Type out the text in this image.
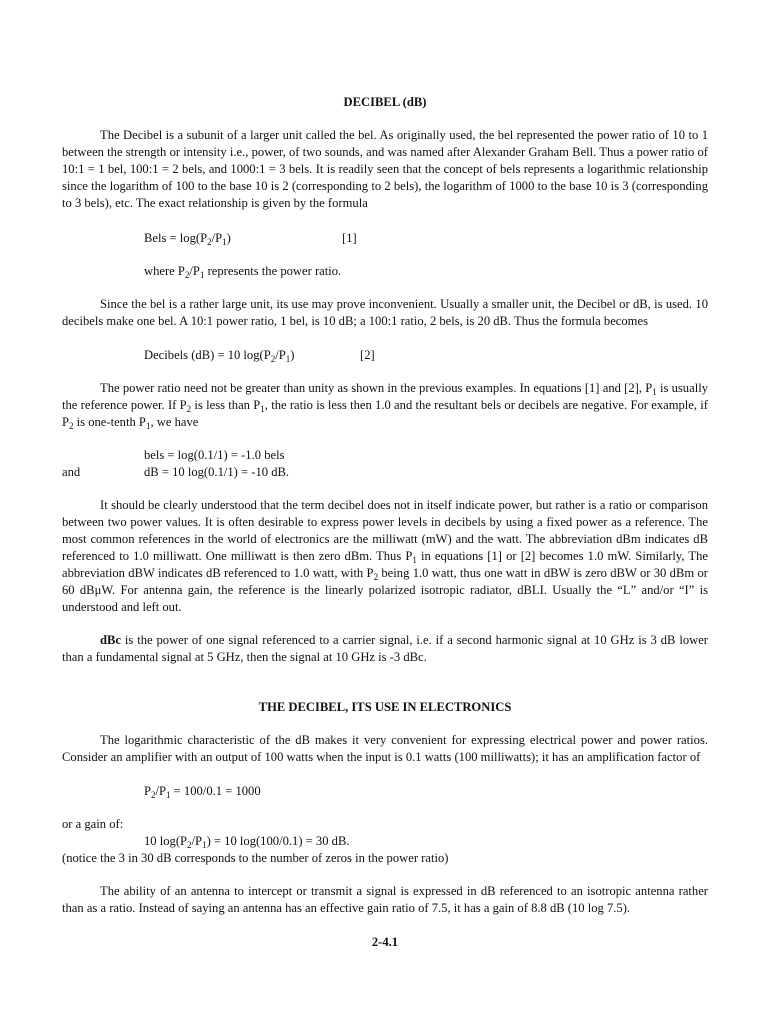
DECIBEL (dB)

The Decibel is a subunit of a larger unit called the bel. As originally used, the bel represented the power ratio of 10 to 1 between the strength or intensity i.e., power, of two sounds, and was named after Alexander Graham Bell. Thus a power ratio of 10:1 = 1 bel, 100:1 = 2 bels, and 1000:1 = 3 bels. It is readily seen that the concept of bels represents a logarithmic relationship since the logarithm of 100 to the base 10 is 2 (corresponding to 2 bels), the logarithm of 1000 to the base 10 is 3 (corresponding to 3 bels), etc. The exact relationship is given by the formula

Bels = $\log(P_2/P_1)$	[1]

where $P_2/P_1$ represents the power ratio.

Since the bel is a rather large unit, its use may prove inconvenient. Usually a smaller unit, the Decibel or dB, is used. 10 decibels make one bel. A 10:1 power ratio, 1 bel, is 10 dB; a 100:1 ratio, 2 bels, is 20 dB. Thus the formula becomes

Decibels (dB) = 10 $\log(P_2/P_1)$	[2]

The power ratio need not be greater than unity as shown in the previous examples. In equations [1] and [2], $P_1$ is usually the reference power. If $P_2$ is less than $P_1$, the ratio is less then 1.0 and the resultant bels or decibels are negative. For example, if $P_2$ is one-tenth $P_1$, we have

bels = log(0.1/1) = -1.0 bels

and	dB = 10 log(0.1/1) = -10 dB.

It should be clearly understood that the term decibel does not in itself indicate power, but rather is a ratio or comparison between two power values. It is often desirable to express power levels in decibels by using a fixed power as a reference. The most common references in the world of electronics are the milliwatt (mW) and the watt. The abbreviation dBm indicates dB referenced to 1.0 milliwatt. One milliwatt is then zero dBm. Thus $P_1$ in equations [1] or [2] becomes 1.0 mW. Similarly, The abbreviation dBW indicates dB referenced to 1.0 watt, with $P_2$ being 1.0 watt, thus one watt in dBW is zero dBW or 30 dBm or 60 dBμW. For antenna gain, the reference is the linearly polarized isotropic radiator, dBLI. Usually the “L” and/or “I” is understood and left out.

dBc is the power of one signal referenced to a carrier signal, i.e. if a second harmonic signal at 10 GHz is 3 dB lower than a fundamental signal at 5 GHz, then the signal at 10 GHz is -3 dBc.

THE DECIBEL, ITS USE IN ELECTRONICS

The logarithmic characteristic of the dB makes it very convenient for expressing electrical power and power ratios. Consider an amplifier with an output of 100 watts when the input is 0.1 watts (100 milliwatts); it has an amplification factor of

$P_2/P_1 = 100/0.1 = 1000$

or a gain of:

10 $\log(P_2/P_1) = 10$ log(100/0.1) = 30 dB.

(notice the 3 in 30 dB corresponds to the number of zeros in the power ratio)

The ability of an antenna to intercept or transmit a signal is expressed in dB referenced to an isotropic antenna rather than as a ratio. Instead of saying an antenna has an effective gain ratio of 7.5, it has a gain of 8.8 dB (10 log 7.5).

2-4.1
